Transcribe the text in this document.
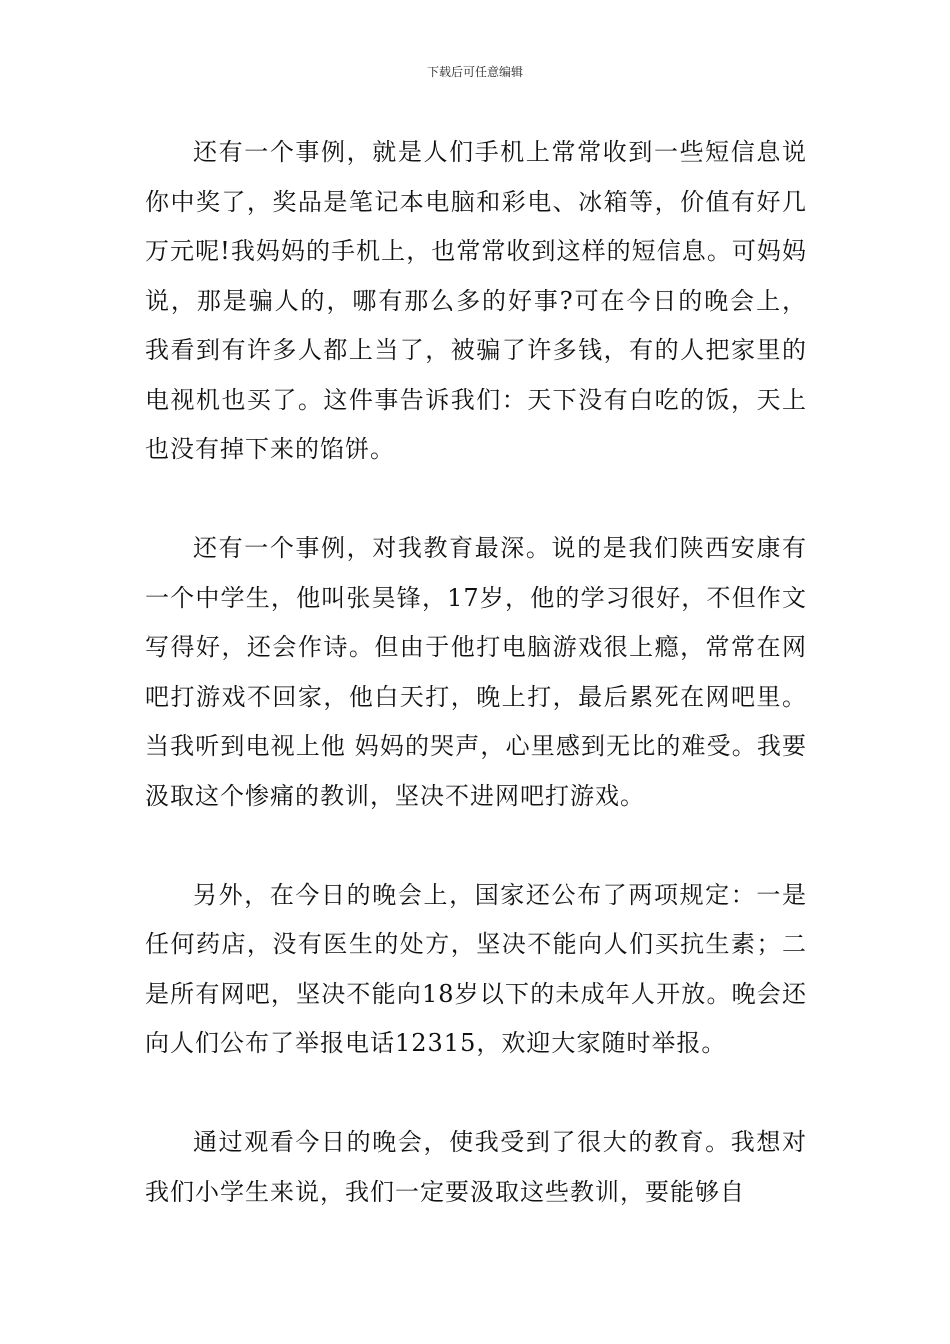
下载后可任意编辑

还有一个事例，就是人们手机上常常收到一些短信息说你中奖了，奖品是笔记本电脑和彩电、冰箱等，价值有好几万元呢!我妈妈的手机上，也常常收到这样的短信息。可妈妈说，那是骗人的，哪有那么多的好事?可在今日的晚会上，我看到有许多人都上当了，被骗了许多钱，有的人把家里的电视机也买了。这件事告诉我们：天下没有白吃的饭，天上也没有掉下来的馅饼。

还有一个事例，对我教育最深。说的是我们陕西安康有一个中学生，他叫张昊锋，17岁，他的学习很好，不但作文写得好，还会作诗。但由于他打电脑游戏很上瘾，常常在网吧打游戏不回家，他白天打，晚上打，最后累死在网吧里。当我听到电视上他 妈妈的哭声，心里感到无比的难受。我要汲取这个惨痛的教训，坚决不进网吧打游戏。

另外，在今日的晚会上，国家还公布了两项规定：一是任何药店，没有医生的处方，坚决不能向人们买抗生素；二是所有网吧，坚决不能向18岁以下的未成年人开放。晚会还向人们公布了举报电话12315，欢迎大家随时举报。

通过观看今日的晚会，使我受到了很大的教育。我想对我们小学生来说，我们一定要汲取这些教训，要能够自
